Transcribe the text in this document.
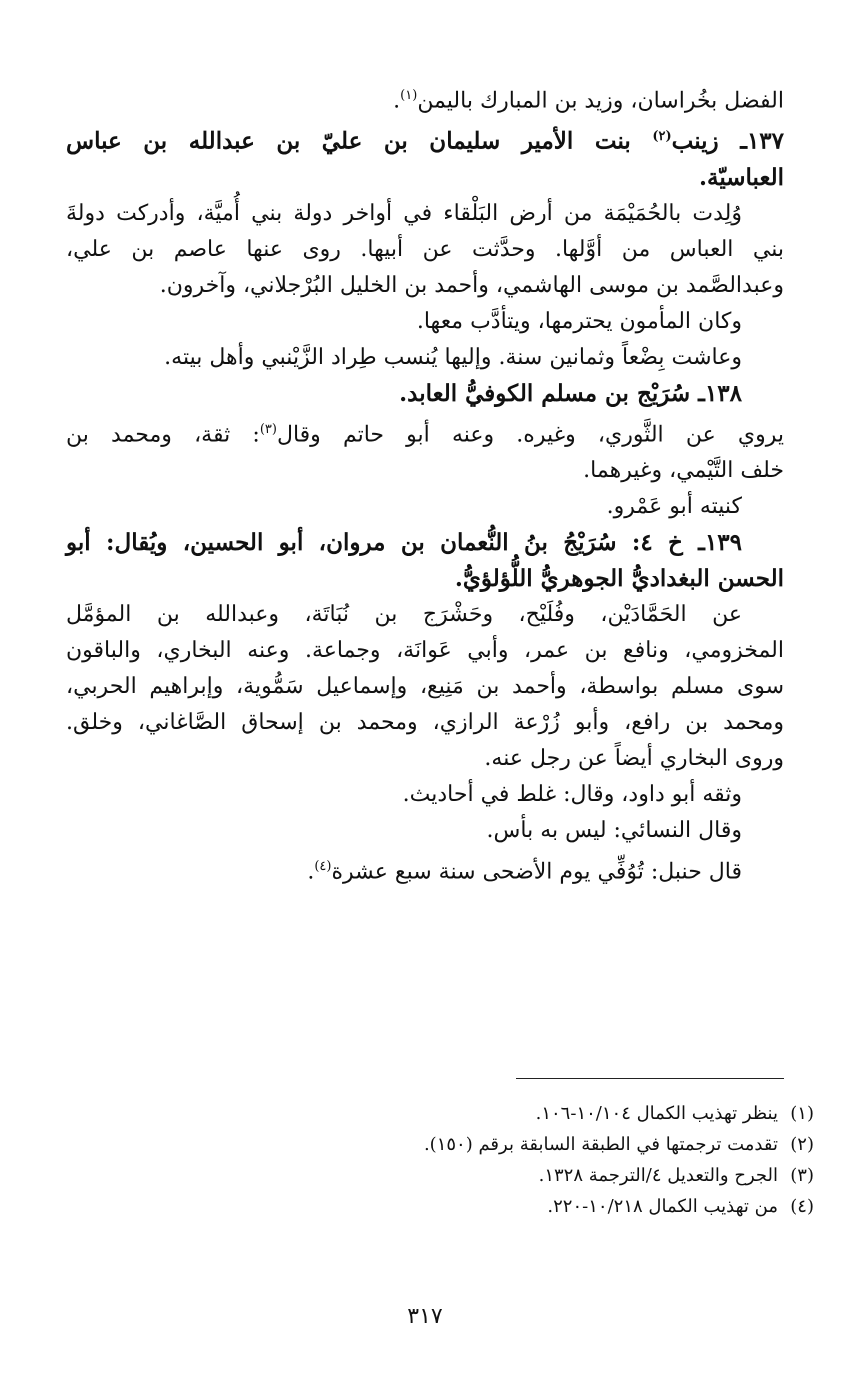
الفضل بخُراسان، وزيد بن المبارك باليمن$^{(١)}$.
١٣٧ـ زينب$^{(٢)}$ بنت الأمير سليمان بن عليّ بن عبدالله بن عباس
العباسيّة.
وُلِدت بالحُمَيْمَة من أرض البَلْقاء في أواخر دولة بني أُميَّة، وأدركت دولةَ
بني العباس من أوَّلها. وحدَّثت عن أبيها. روى عنها عاصم بن علي،
وعبدالصَّمد بن موسى الهاشمي، وأحمد بن الخليل البُرْجلاني، وآخرون.
وكان المأمون يحترمها، ويتأدَّب معها.
وعاشت بِضْعاً وثمانين سنة. وإليها يُنسب طِراد الزَّيْنبي وأهل بيته.
١٣٨ـ سُرَيْج بن مسلم الكوفيُّ العابد.
يروي عن الثَّوري، وغيره. وعنه أبو حاتم وقال$^{(٣)}$: ثقة، ومحمد بن
خلف التَّيْمي، وغيرهما.
كنيته أبو عَمْرو.
١٣٩ـ خ ٤: سُرَيْجُ بنُ النُّعمان بن مروان، أبو الحسين، ويُقال: أبو
الحسن البغداديُّ الجوهريُّ اللُّؤلؤيُّ.
عن الحَمَّادَيْن، وفُلَيْح، وحَشْرَج بن نُبَاتَة، وعبدالله بن المؤمَّل
المخزومي، ونافع بن عمر، وأبي عَوانَة، وجماعة. وعنه البخاري، والباقون
سوى مسلم بواسطة، وأحمد بن مَنِيع، وإسماعيل سَمُّوية، وإبراهيم الحربي،
ومحمد بن رافع، وأبو زُرْعة الرازي، ومحمد بن إسحاق الصَّاغاني، وخلق.
وروى البخاري أيضاً عن رجل عنه.
وثقه أبو داود، وقال: غلط في أحاديث.
وقال النسائي: ليس به بأس.
قال حنبل: تُوُفِّي يوم الأضحى سنة سبع عشرة$^{(٤)}$.
(١)ينظر تهذيب الكمال ١٠/١٠٤-١٠٦.
(٢)تقدمت ترجمتها في الطبقة السابقة برقم (١٥٠).
(٣)الجرح والتعديل ٤/الترجمة ١٣٢٨.
(٤)من تهذيب الكمال ١٠/٢١٨-٢٢٠.
٣١٧
